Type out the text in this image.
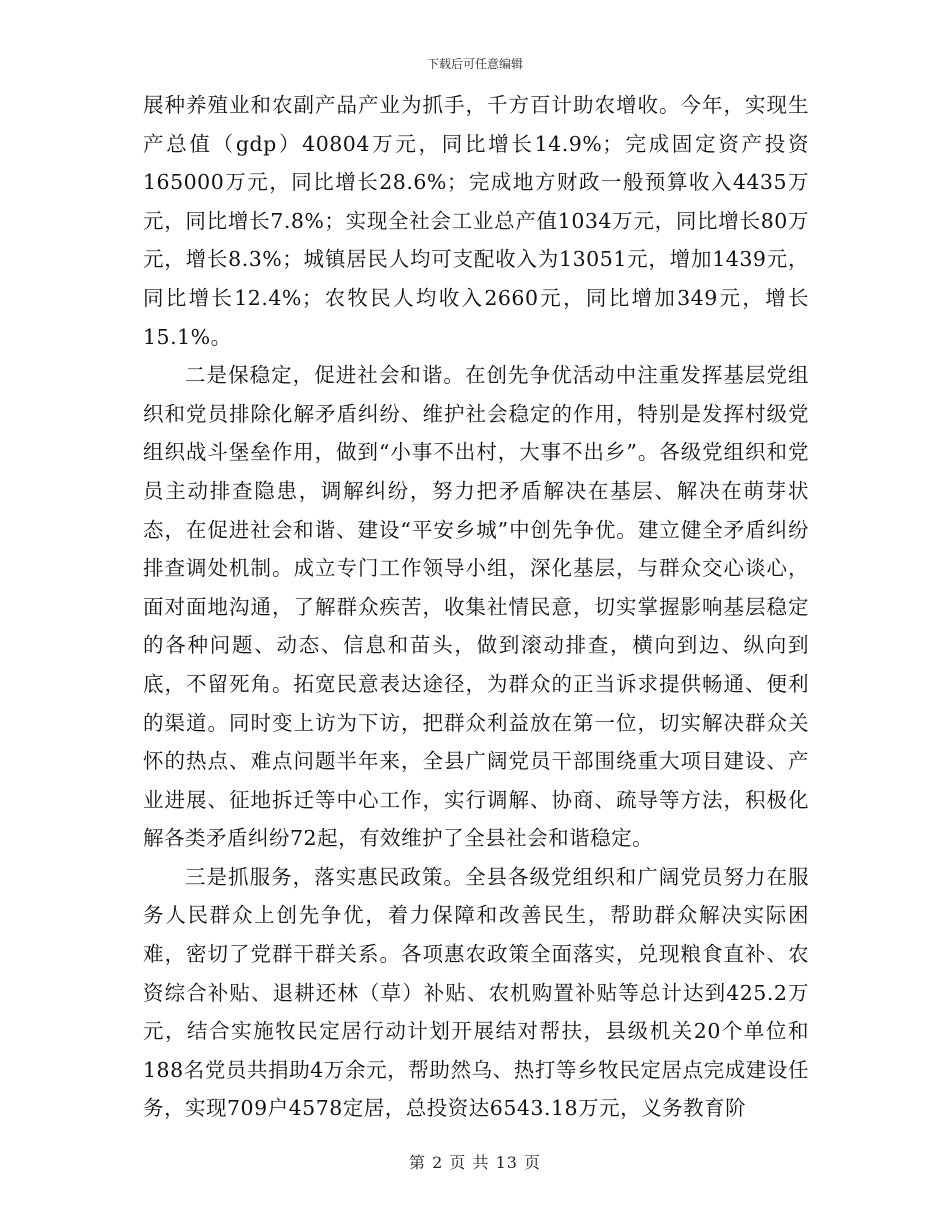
下载后可任意编辑

展种养殖业和农副产品产业为抓手，千方百计助农增收。今年，实现生产总值（gdp）40804万元，同比增长14.9%；完成固定资产投资165000万元，同比增长28.6%；完成地方财政一般预算收入4435万元，同比增长7.8%；实现全社会工业总产值1034万元，同比增长80万元，增长8.3%；城镇居民人均可支配收入为13051元，增加1439元，同比增长12.4%；农牧民人均收入2660元，同比增加349元，增长15.1%。

二是保稳定，促进社会和谐。在创先争优活动中注重发挥基层党组织和党员排除化解矛盾纠纷、维护社会稳定的作用，特别是发挥村级党组织战斗堡垒作用，做到“小事不出村，大事不出乡”。各级党组织和党员主动排查隐患，调解纠纷，努力把矛盾解决在基层、解决在萌芽状态，在促进社会和谐、建设“平安乡城”中创先争优。建立健全矛盾纠纷排查调处机制。成立专门工作领导小组，深化基层，与群众交心谈心，面对面地沟通，了解群众疾苦，收集社情民意，切实掌握影响基层稳定的各种问题、动态、信息和苗头，做到滚动排查，横向到边、纵向到底，不留死角。拓宽民意表达途径，为群众的正当诉求提供畅通、便利的渠道。同时变上访为下访，把群众利益放在第一位，切实解决群众关怀的热点、难点问题半年来，全县广阔党员干部围绕重大项目建设、产业进展、征地拆迁等中心工作，实行调解、协商、疏导等方法，积极化解各类矛盾纠纷72起，有效维护了全县社会和谐稳定。

三是抓服务，落实惠民政策。全县各级党组织和广阔党员努力在服务人民群众上创先争优，着力保障和改善民生，帮助群众解决实际困难，密切了党群干群关系。各项惠农政策全面落实，兑现粮食直补、农资综合补贴、退耕还林（草）补贴、农机购置补贴等总计达到425.2万元，结合实施牧民定居行动计划开展结对帮扶，县级机关20个单位和188名党员共捐助4万余元，帮助然乌、热打等乡牧民定居点完成建设任务，实现709户4578定居，总投资达6543.18万元，义务教育阶

第 2 页 共 13 页
